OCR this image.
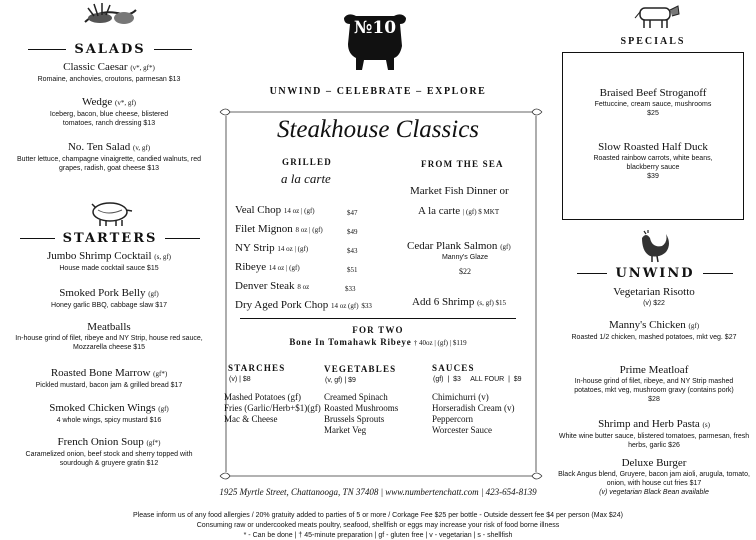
SALADS
Classic Caesar (v*, gf*)
Romaine, anchovies, croutons, parmesan $13
Wedge (v*, gf)
Iceberg, bacon, blue cheese, blistered tomatoes, ranch dressing $13
No. Ten Salad (v, gf)
Butter lettuce, champagne vinaigrette, candied walnuts, red grapes, radish, goat cheese $13
STARTERS
Jumbo Shrimp Cocktail (s, gf)
House made cocktail sauce $15
Smoked Pork Belly (gf)
Honey garlic BBQ, cabbage slaw $17
Meatballs
In-house grind of filet, ribeye and NY Strip, house red sauce, Mozzarella cheese $15
Roasted Bone Marrow (gf*)
Pickled mustard, bacon jam & grilled bread $17
Smoked Chicken Wings (gf)
4 whole wings, spicy mustard $16
French Onion Soup (gf*)
Caramelized onion, beef stock and sherry topped with sourdough & gruyere gratin $12
№10
UNWIND – CELEBRATE – EXPLORE
Steakhouse Classics
GRILLED
a la carte
Veal Chop 14 oz | (gf)	$47
Filet Mignon 8 oz | (gf)	$49
NY Strip 14 oz | (gf)	$43
Ribeye 14 oz | (gf)	$51
Denver Steak 8 oz	$33
Dry Aged Pork Chop 14 oz (gf) $33
FROM THE SEA
Market Fish Dinner or
A la carte | (gf) $ MKT
Cedar Plank Salmon (gf)
Manny's Glaze
$22
Add 6 Shrimp (s, gf) $15
FOR TWO
Bone In Tomahawk Ribeye † 40oz | (gf) | $119
STARCHES
(v) | $8
Mashed Potatoes (gf)
Fries (Garlic/Herb+$1)(gf)
Mac & Cheese
VEGETABLES
(v, gf) | $9
Creamed Spinach
Roasted Mushrooms
Brussels Sprouts
Market Veg
SAUCES
(gf)  |  $3     ALL FOUR  |  $9
Chimichurri (v)
Horseradish Cream (v)
Peppercorn
Worcester Sauce
1925 Myrtle Street, Chattanooga, TN 37408 | www.numbertenchatt.com | 423-654-8139
SPECIALS
Braised Beef Stroganoff
Fettuccine, cream sauce, mushrooms
$25
Slow Roasted Half Duck
Roasted rainbow carrots, white beans, blackberry sauce
$39
UNWIND
Vegetarian Risotto
(v) $22
Manny's Chicken (gf)
Roasted 1/2 chicken, mashed potatoes, mkt veg. $27
Prime Meatloaf
In-house grind of filet, ribeye, and NY Strip mashed potatoes, mkt veg, mushroom gravy (contains pork) $28
Shrimp and Herb Pasta (s)
White wine butter sauce, blistered tomatoes, parmesan, fresh herbs, garlic $26
Deluxe Burger
Black Angus blend, Gruyere, bacon jam aioli, arugula, tomato, onion, with house cut fries $17
(v) vegetarian Black Bean available
Please inform us of any food allergies / 20% gratuity added to parties of 5 or more / Corkage Fee $25 per bottle - Outside dessert fee $4 per person (Max $24)
Consuming raw or undercooked meats poultry, seafood, shellfish or eggs may increase your risk of food borne illness
* - Can be done | † 45-minute preparation | gf - gluten free | v - vegetarian | s - shellfish
